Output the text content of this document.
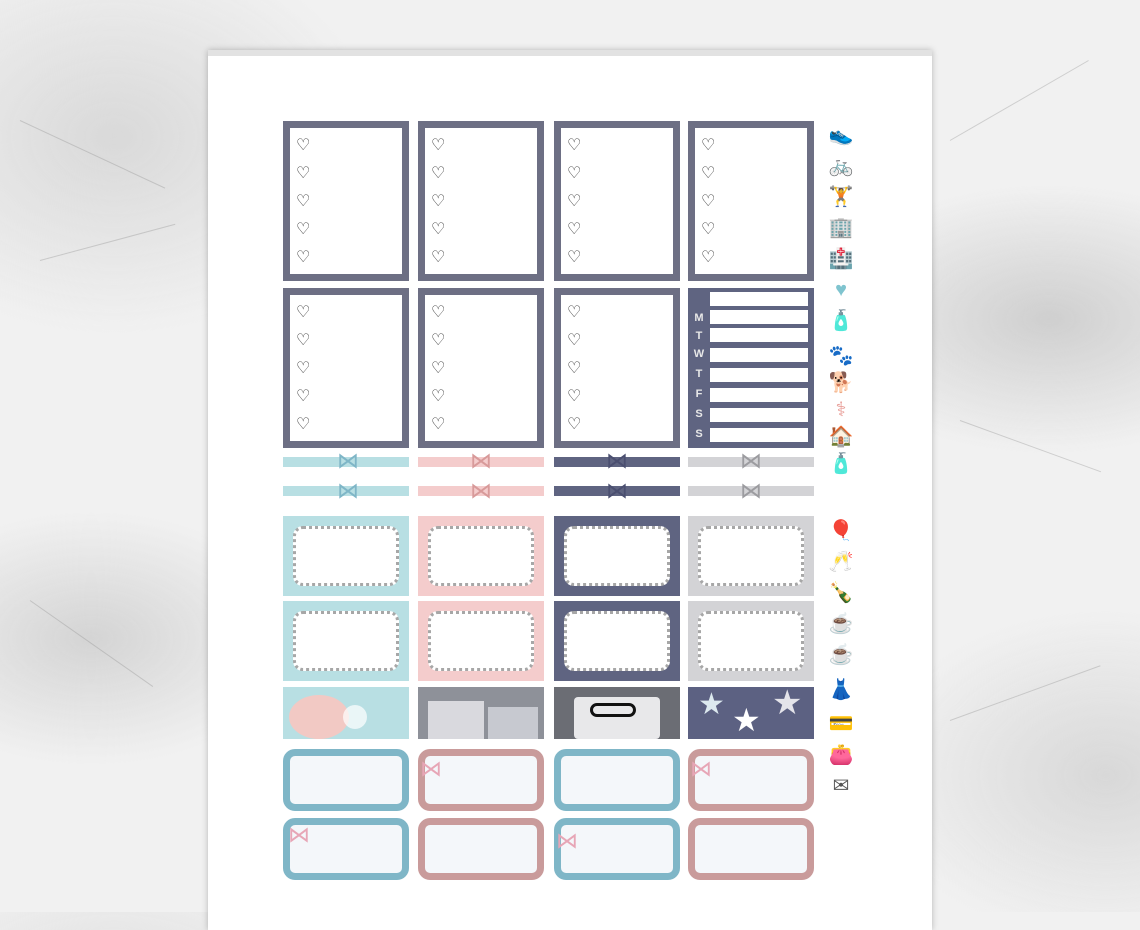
♡
♡
♡
♡
♡
♡
♡
♡
♡
♡
♡
♡
♡
♡
♡
♡
♡
♡
♡
♡
♡
♡
♡
♡
♡
♡
♡
♡
♡
♡
♡
♡
♡
♡
♡
M
T
W
T
F
S
S
⋈
⋈
⋈
⋈
⋈
⋈
⋈
⋈
★ ★ ★
⋈	⋈
⋈	⋈
👟
🚲
🏋
🏢
🏥
♥
🧴
🐾
🐕
⚕
🏠
🧴
🎈
🥂
🍾
☕
☕
👗
💳
👛
✉
